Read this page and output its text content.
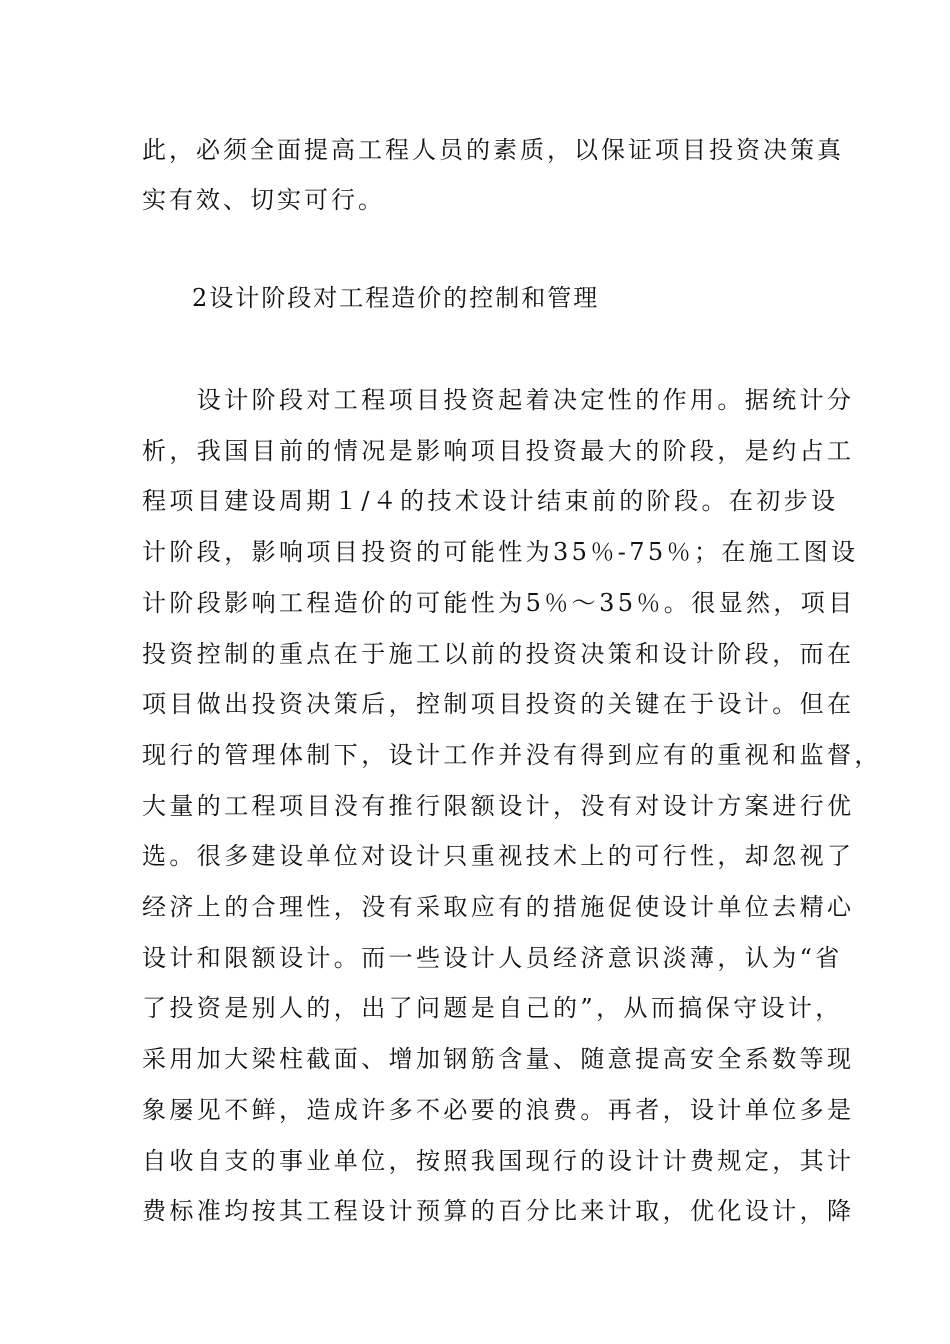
此，必须全面提高工程人员的素质，以保证项目投资决策真
实有效、切实可行。
2设计阶段对工程造价的控制和管理
　　设计阶段对工程项目投资起着决定性的作用。据统计分
析，我国目前的情况是影响项目投资最大的阶段，是约占工
程项目建设周期１/４的技术设计结束前的阶段。在初步设
计阶段，影响项目投资的可能性为35％-75％；在施工图设
计阶段影响工程造价的可能性为5％～35％。很显然，项目
投资控制的重点在于施工以前的投资决策和设计阶段，而在
项目做出投资决策后，控制项目投资的关键在于设计。但在
现行的管理体制下，设计工作并没有得到应有的重视和监督，
大量的工程项目没有推行限额设计，没有对设计方案进行优
选。很多建设单位对设计只重视技术上的可行性，却忽视了
经济上的合理性，没有采取应有的措施促使设计单位去精心
设计和限额设计。而一些设计人员经济意识淡薄，认为“省
了投资是别人的，出了问题是自己的”，从而搞保守设计，
采用加大梁柱截面、增加钢筋含量、随意提高安全系数等现
象屡见不鲜，造成许多不必要的浪费。再者，设计单位多是
自收自支的事业单位，按照我国现行的设计计费规定，其计
费标准均按其工程设计预算的百分比来计取，优化设计，降
